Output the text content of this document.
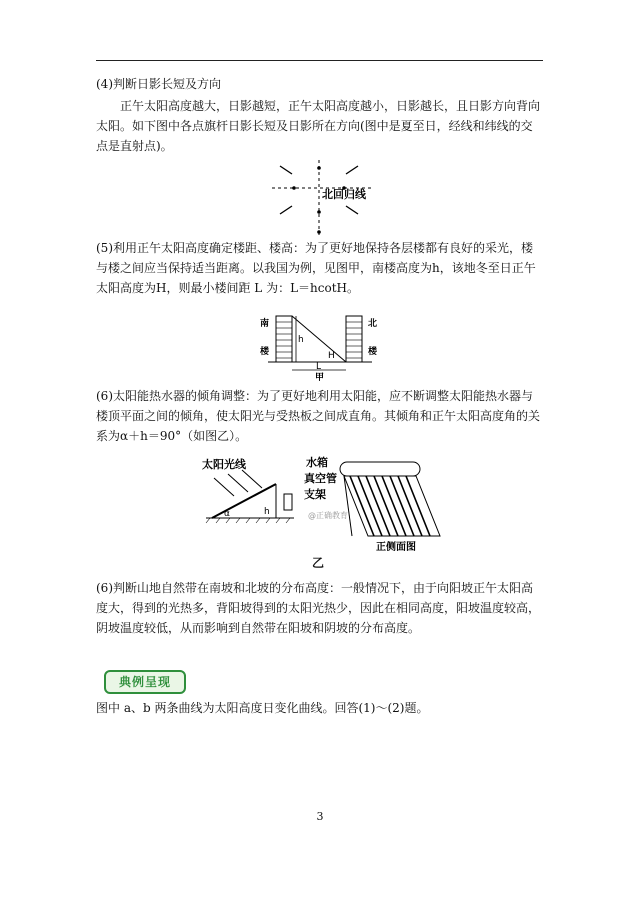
(4)判断日影长短及方向

正午太阳高度越大，日影越短，正午太阳高度越小，日影越长，且日影方向背向太阳。如下图中各点旗杆日影长短及日影所在方向(图中是夏至日，经线和纬线的交点是直射点)。

北回归线

(5)利用正午太阳高度确定楼距、楼高：为了更好地保持各层楼都有良好的采光，楼与楼之间应当保持适当距离。以我国为例，见图甲，南楼高度为h，该地冬至日正午太阳高度为H，则最小楼间距 L 为：L＝hcotH。

南
楼
北
楼
h
H
L
甲

(6)太阳能热水器的倾角调整：为了更好地利用太阳能，应不断调整太阳能热水器与楼顶平面之间的倾角，使太阳光与受热板之间成直角。其倾角和正午太阳高度角的关系为α＋h＝90°（如图乙）。

太阳光线
α	h
水箱
真空管
支架
@正确教育
正侧面图
乙

(6)判断山地自然带在南坡和北坡的分布高度：一般情况下，由于向阳坡正午太阳高度大，得到的光热多，背阳坡得到的太阳光热少，因此在相同高度，阳坡温度较高，阴坡温度较低，从而影响到自然带在阳坡和阴坡的分布高度。

典例呈现

图中 a、b 两条曲线为太阳高度日变化曲线。回答(1)～(2)题。

3
